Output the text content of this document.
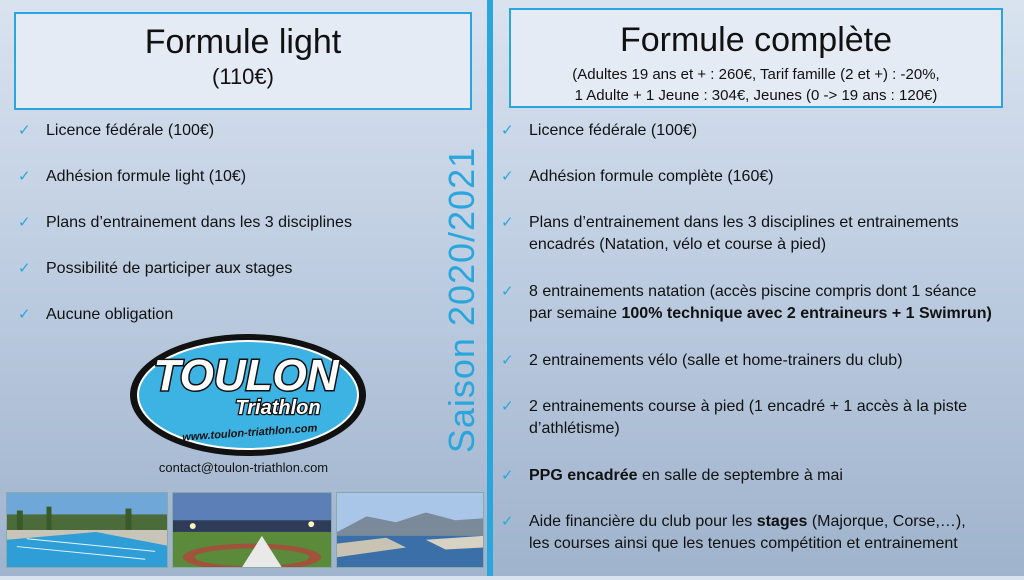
Formule light
(110€)
Formule complète
(Adultes 19 ans et + : 260€, Tarif famille (2 et +) : -20%,
1 Adulte + 1 Jeune : 304€, Jeunes (0 -> 19 ans : 120€)
✓ Licence fédérale (100€)
✓ Adhésion formule light (10€)
✓ Plans d’entrainement dans les 3 disciplines
✓ Possibilité de participer aux stages
✓ Aucune obligation
✓ Licence fédérale (100€)
✓ Adhésion formule complète (160€)
✓ Plans d’entrainement dans les 3 disciplines et entrainements
encadrés (Natation, vélo et course à pied)
✓ 8 entrainements natation (accès piscine compris dont 1 séance
par semaine 100% technique avec 2 entraineurs + 1 Swimrun)
✓ 2 entrainements vélo (salle et home-trainers du club)
✓ 2 entrainements course à pied (1 encadré + 1 accès à la piste
d’athlétisme)
✓ PPG encadrée en salle de septembre à mai
✓ Aide financière du club pour les stages (Majorque, Corse,…),
les courses ainsi que les tenues compétition et entrainement
Saison 2020/2021
TOULON
Triathlon
www.toulon-triathlon.com
contact@toulon-triathlon.com
